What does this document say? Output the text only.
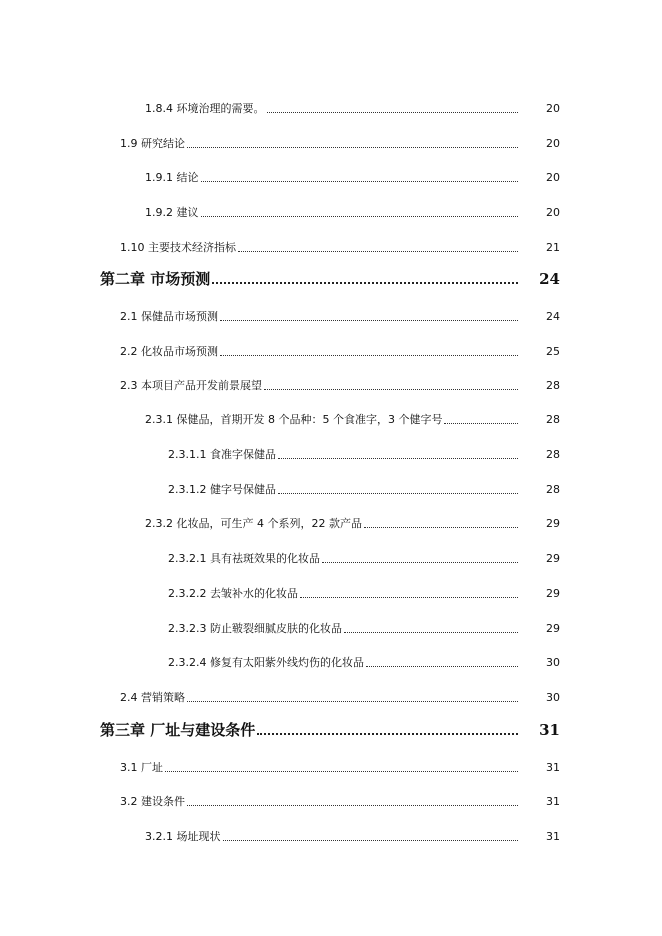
1.8.4 环境治理的需要。	20
1.9 研究结论	20
1.9.1 结论	20
1.9.2 建议	20
1.10 主要技术经济指标	21
第二章 市场预测	24
2.1 保健品市场预测	24
2.2 化妆品市场预测	25
2.3 本项目产品开发前景展望	28
2.3.1 保健品，首期开发 8 个品种：5 个食准字，3 个健字号	28
2.3.1.1 食准字保健品	28
2.3.1.2 健字号保健品	28
2.3.2 化妆品，可生产 4 个系列，22 款产品	29
2.3.2.1 具有祛斑效果的化妆品	29
2.3.2.2 去皱补水的化妆品	29
2.3.2.3 防止皲裂细腻皮肤的化妆品	29
2.3.2.4 修复有太阳紫外线灼伤的化妆品	30
2.4 营销策略	30
第三章 厂址与建设条件	31
3.1 厂址	31
3.2 建设条件	31
3.2.1 场址现状	31
